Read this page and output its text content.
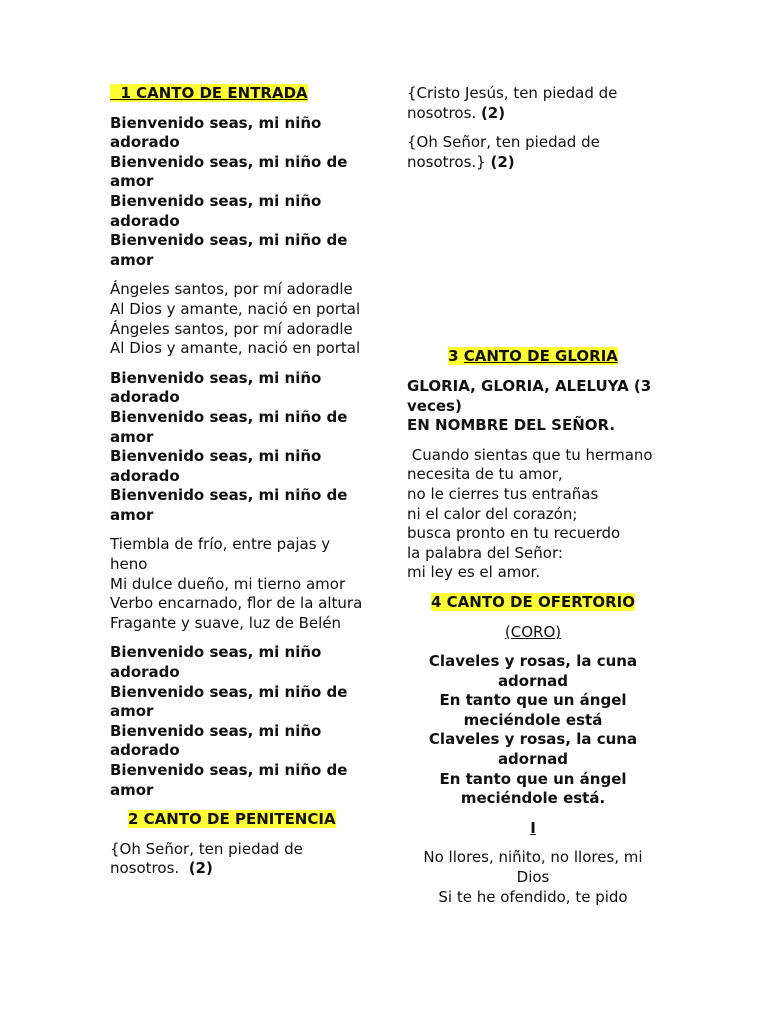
1 CANTO DE ENTRADA
Bienvenido seas, mi niño adorado
Bienvenido seas, mi niño de amor
Bienvenido seas, mi niño adorado
Bienvenido seas, mi niño de amor
Ángeles santos, por mí adoradle
Al Dios y amante, nació en portal
Ángeles santos, por mí adoradle
Al Dios y amante, nació en portal
Bienvenido seas, mi niño adorado
Bienvenido seas, mi niño de amor
Bienvenido seas, mi niño adorado
Bienvenido seas, mi niño de amor
Tiembla de frío, entre pajas y heno
Mi dulce dueño, mi tierno amor
Verbo encarnado, flor de la altura
Fragante y suave, luz de Belén
Bienvenido seas, mi niño adorado
Bienvenido seas, mi niño de amor
Bienvenido seas, mi niño adorado
Bienvenido seas, mi niño de amor
2 CANTO DE PENITENCIA
{Oh Señor, ten piedad de nosotros.  (2)
{Cristo Jesús, ten piedad de nosotros. (2)
{Oh Señor, ten piedad de nosotros.} (2)
3 CANTO DE GLORIA
GLORIA, GLORIA, ALELUYA (3 veces)
EN NOMBRE DEL SEÑOR.
Cuando sientas que tu hermano
necesita de tu amor,
no le cierres tus entrañas
ni el calor del corazón;
busca pronto en tu recuerdo
la palabra del Señor:
mi ley es el amor.
4 CANTO DE OFERTORIO
(CORO)
Claveles y rosas, la cuna adornad
En tanto que un ángel meciéndole está
Claveles y rosas, la cuna adornad
En tanto que un ángel meciéndole está.
I
No llores, niñito, no llores, mi Dios
Si te he ofendido, te pido
